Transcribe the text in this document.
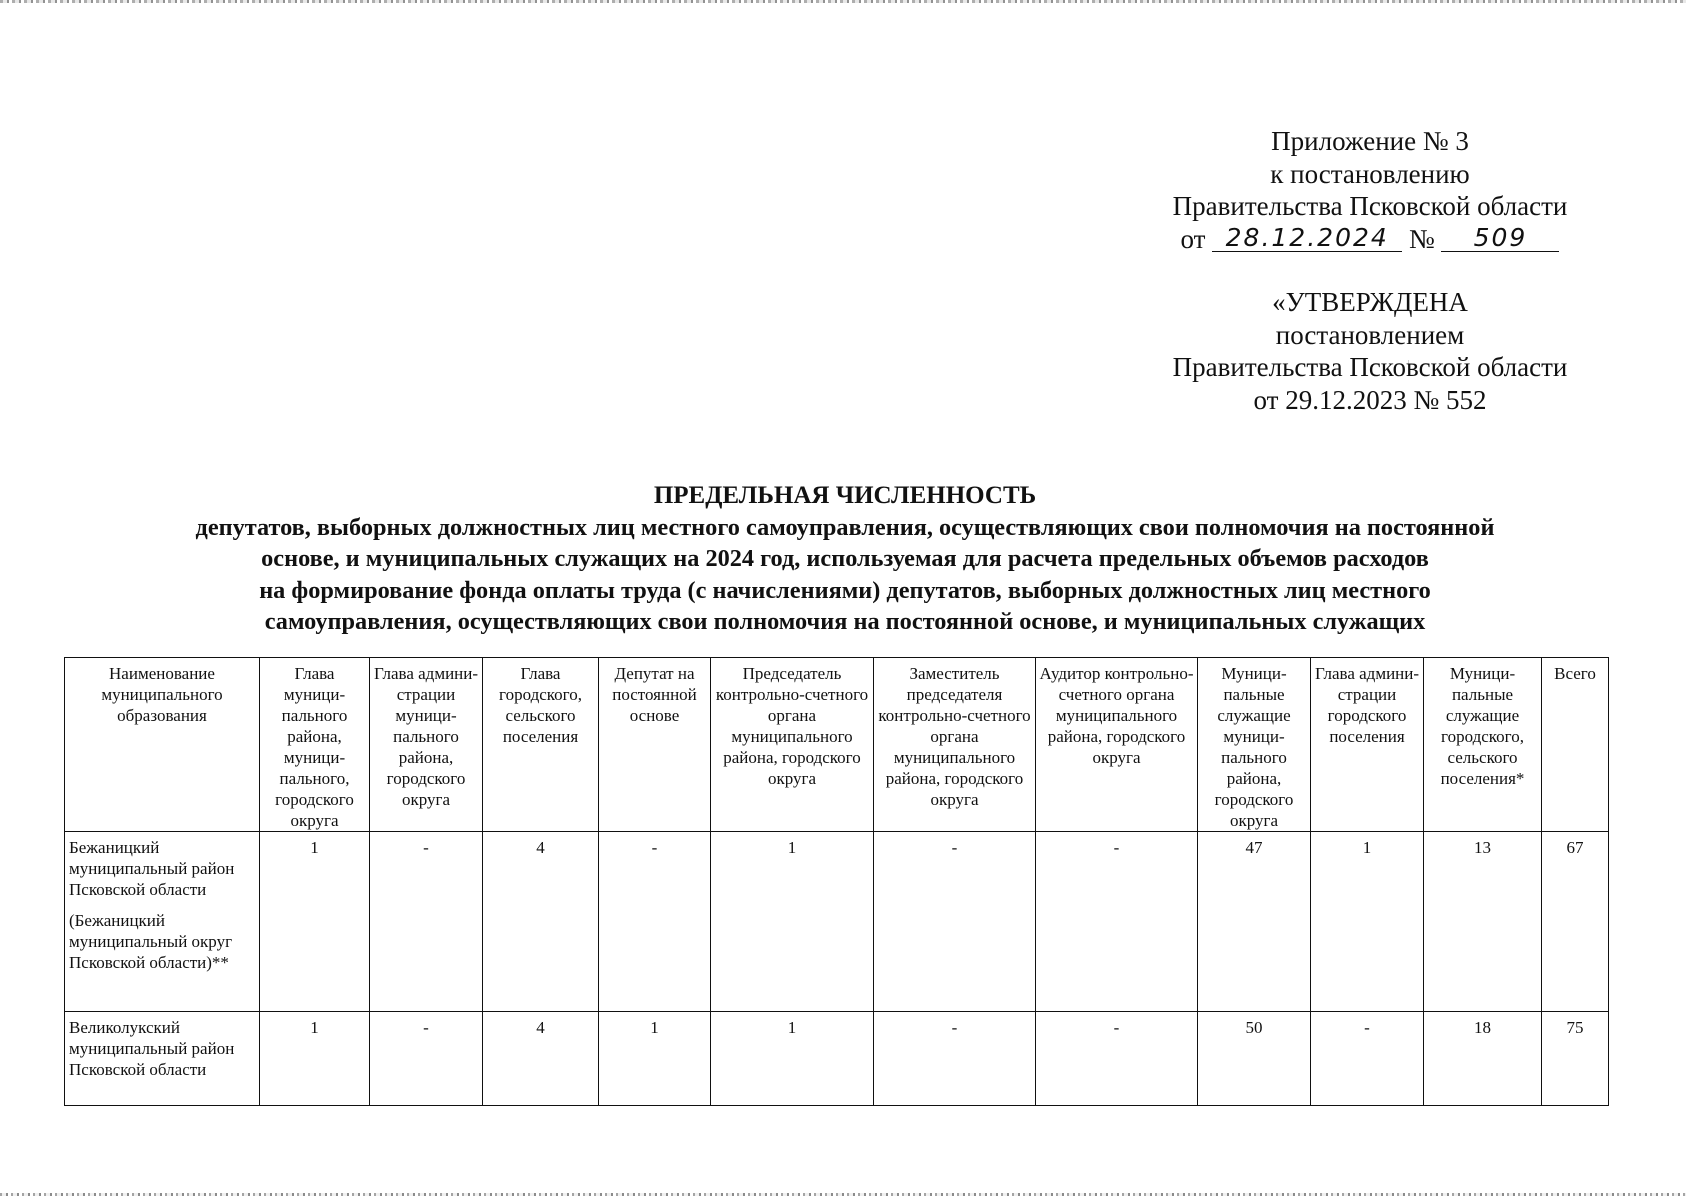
Приложение № 3
к постановлению
Правительства Псковской области
от 28.12.2024 № 509
«УТВЕРЖДЕНА
постановлением
Правительства Псковской области
от 29.12.2023 № 552
ПРЕДЕЛЬНАЯ ЧИСЛЕННОСТЬ
депутатов, выборных должностных лиц местного самоуправления, осуществляющих свои полномочия на постоянной
основе, и муниципальных служащих на 2024 год, используемая для расчета предельных объемов расходов
на формирование фонда оплаты труда (с начислениями) депутатов, выборных должностных лиц местного
самоуправления, осуществляющих свои полномочия на постоянной основе, и муниципальных служащих
Наименование муниципального образования	Глава муници-пального района, муници-пального, городского округа	Глава админи-страции муници-пального района, городского округа	Глава городского, сельского поселения	Депутат на постоянной основе	Председатель контрольно-счетного органа муниципального района, городского округа	Заместитель председателя контрольно-счетного органа муниципального района, городского округа	Аудитор контрольно-счетного органа муниципального района, городского округа	Муници-пальные служащие муници-пального района, городского округа	Глава админи-страции городского поселения	Муници-пальные служащие городского, сельского поселения*	Всего

Бежаницкий муниципальный район Псковской области
(Бежаницкий муниципальный округ Псковской области)**	1	-	4	-	1	-	-	47	1	13	67

Великолукский муниципальный район Псковской области	1	-	4	1	1	-	-	50	-	18	75
